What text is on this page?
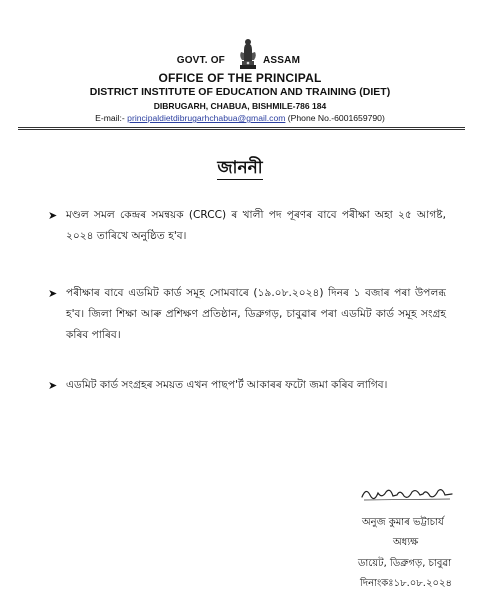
GOVT. OF	ASSAM
OFFICE OF THE PRINCIPAL
DISTRICT INSTITUTE OF EDUCATION AND TRAINING (DIET)
DIBRUGARH, CHABUA, BISHMILE-786 184
E-mail:- principaldietdibrugarhchabua@gmail.com (Phone No.-6001659790)
জাননী
➤ মণ্ডল সমল কেন্দ্ৰৰ সমন্বয়ক (CRCC) ৰ খালী পদ পূৰণৰ বাবে পৰীক্ষা অহা ২৫ আগষ্ট, ২০২৪ তাৰিখে অনুষ্ঠিত হ'ব।
➤ পৰীক্ষাৰ বাবে এডমিট কাৰ্ড সমূহ সোমবাৰে (১৯.০৮.২০২৪) দিনৰ ১ বজাৰ পৰা উপলব্ধ হ'ব। জিলা শিক্ষা আৰু প্ৰশিক্ষণ প্ৰতিষ্ঠান, ডিব্ৰুগড়, চাবুৱাৰ পৰা এডমিট কাৰ্ড সমূহ সংগ্ৰহ কৰিব পাৰিব।
➤ এডমিট কাৰ্ড সংগ্ৰহৰ সময়ত এখন পাছপ'ৰ্ট আকাৰৰ ফটো জমা কৰিব লাগিব।
অনুজ কুমাৰ ভট্টাচাৰ্য
অধ্যক্ষ
ডায়েট, ডিব্ৰুগড়, চাবুৱা
দিনাংকঃ১৮.০৮.২০২৪
